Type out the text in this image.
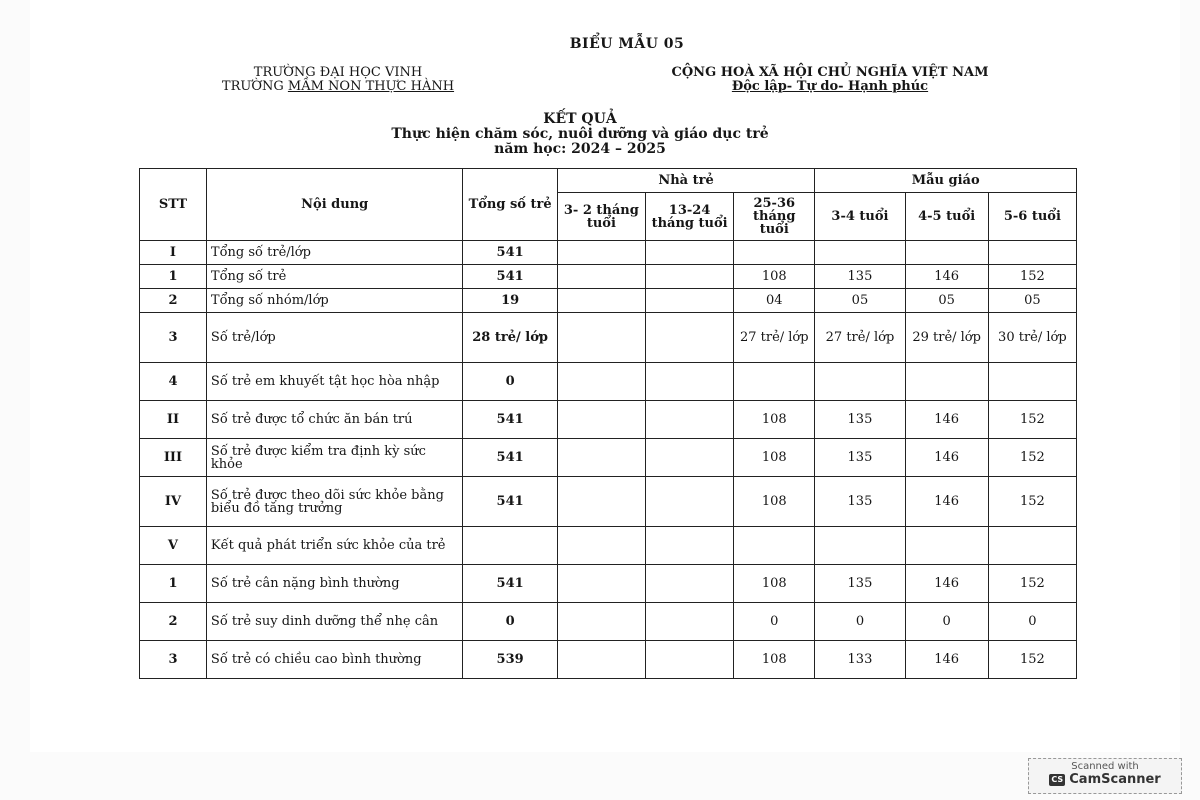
BIỂU MẪU 05
TRƯỜNG ĐẠI HỌC VINH
TRƯỜNG MẦM NON THỰC HÀNH
CỘNG HOÀ XÃ HỘI CHỦ NGHĨA VIỆT NAM
Độc lập- Tự do- Hạnh phúc
KẾT QUẢ
Thực hiện chăm sóc, nuôi dưỡng và giáo dục trẻ
năm học: 2024 – 2025
STT	Nội dung	Tổng số trẻ	Nhà trẻ			Mẫu giáo		
			3- 2 tháng tuổi	13-24 tháng tuổi	25-36 tháng tuổi	3-4 tuổi	4-5 tuổi	5-6 tuổi
I	Tổng số trẻ/lớp	541						
1	Tổng số trẻ	541			108	135	146	152
2	Tổng số nhóm/lớp	19			04	05	05	05
3	Số trẻ/lớp	28 trẻ/ lớp			27 trẻ/ lớp	27 trẻ/ lớp	29 trẻ/ lớp	30 trẻ/ lớp
4	Số trẻ em khuyết tật học hòa nhập	0						
II	Số trẻ được tổ chức ăn bán trú	541			108	135	146	152
III	Số trẻ được kiểm tra định kỳ sức khỏe	541			108	135	146	152
IV	Số trẻ được theo dõi sức khỏe bằng biểu đồ tăng trưởng	541			108	135	146	152
V	Kết quả phát triển sức khỏe của trẻ							
1	Số trẻ cân nặng bình thường	541			108	135	146	152
2	Số trẻ suy dinh dưỡng thể nhẹ cân	0			0	0	0	0
3	Số trẻ có chiều cao bình thường	539			108	133	146	152
Scanned with
CS CamScanner
